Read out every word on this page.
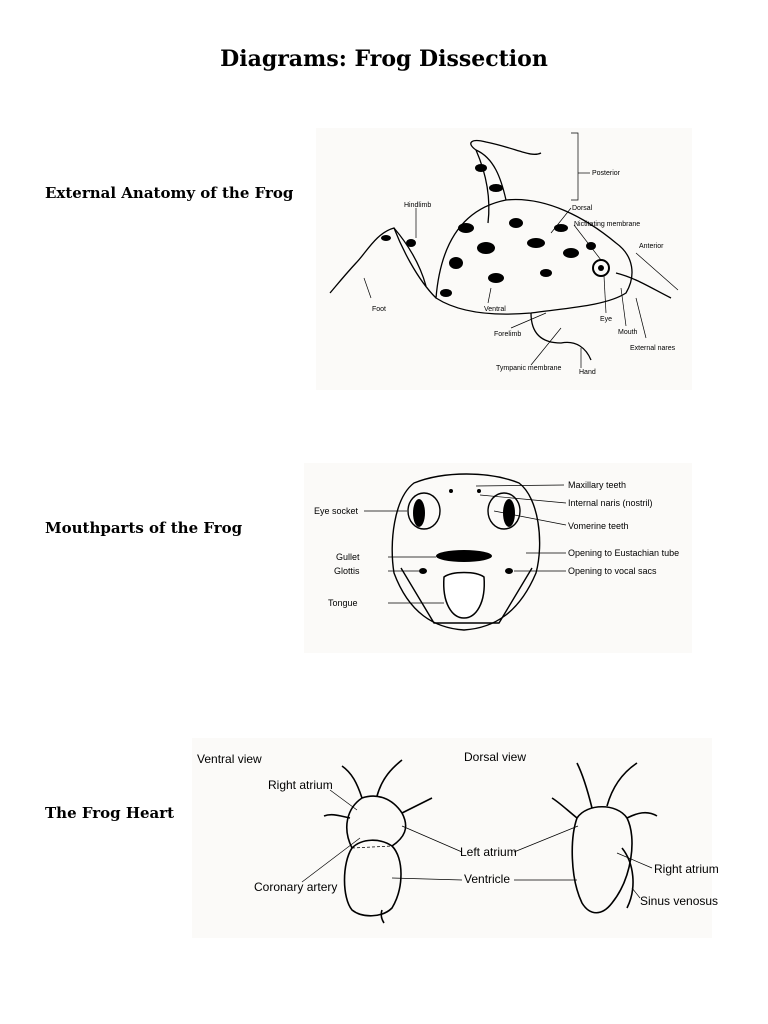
Diagrams: Frog Dissection
External Anatomy of the Frog
Posterior
Dorsal
Nictitating membrane
Anterior
Hindlimb
Foot	Ventral
Eye
Mouth
Forelimb
External nares
Tympanic membrane
Hand
Mouthparts of the Frog
Maxillary teeth
Internal naris (nostril)
Eye socket
Vomerine teeth
Gullet	Opening to Eustachian tube
Glottis	Opening to vocal sacs
Tongue
The Frog Heart
Ventral view	Dorsal view
Right atrium
Left atrium
Coronary artery
Ventricle
Right atrium
Sinus venosus
